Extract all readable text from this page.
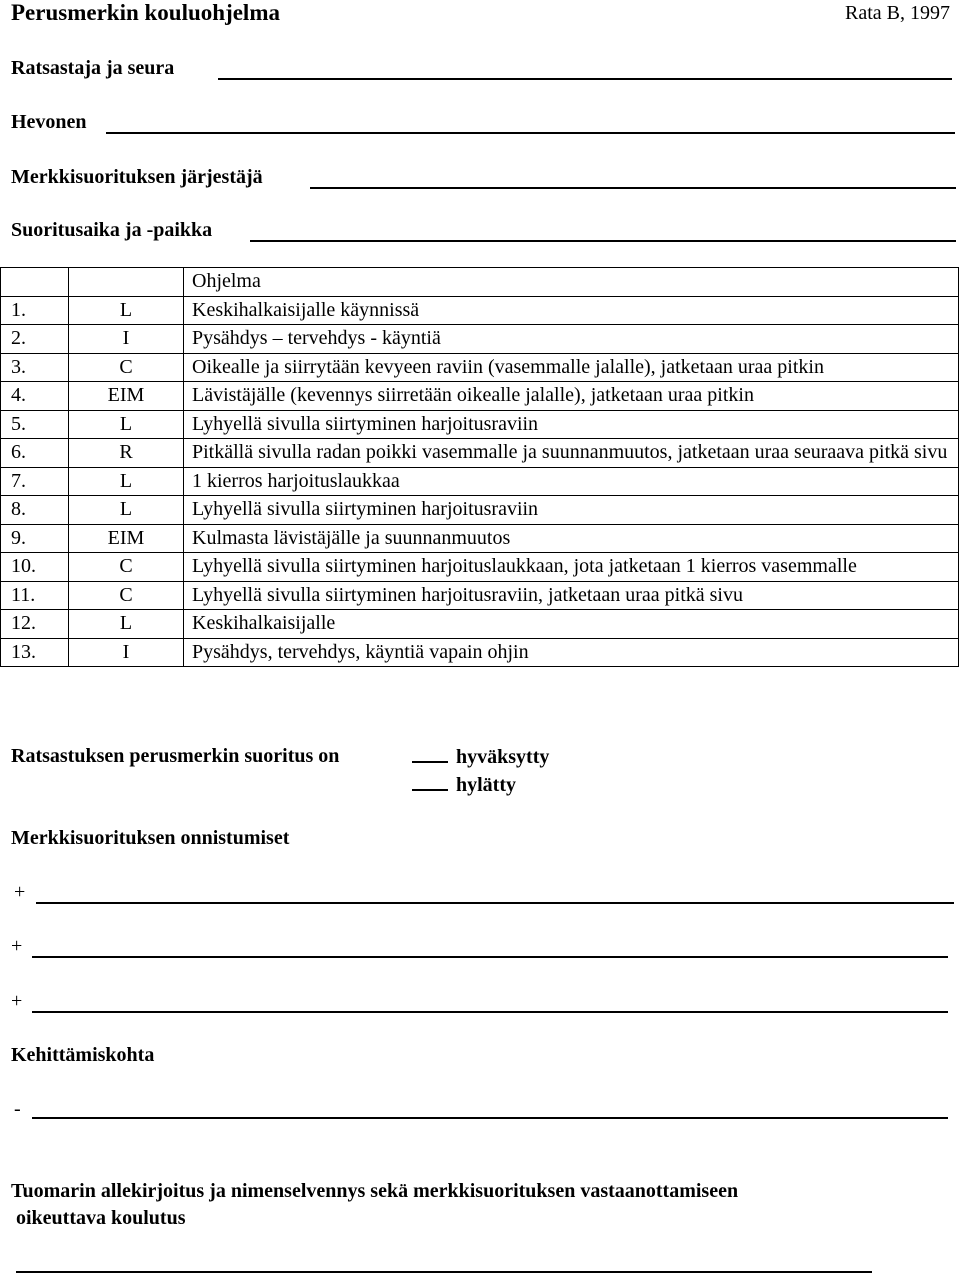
Perusmerkin kouluohjelma	Rata B, 1997
Ratsastaja ja seura
Hevonen
Merkkisuorituksen järjestäjä
Suoritusaika ja -paikka
		Ohjelma
1.	L	Keskihalkaisijalle käynnissä
2.	I	Pysähdys – tervehdys - käyntiä
3.	C	Oikealle ja siirrytään kevyeen raviin (vasemmalle jalalle), jatketaan uraa pitkin
4.	EIM	Lävistäjälle (kevennys siirretään oikealle jalalle), jatketaan uraa pitkin
5.	L	Lyhyellä sivulla siirtyminen harjoitusraviin
6.	R	Pitkällä sivulla radan poikki vasemmalle ja suunnanmuutos, jatketaan uraa seuraava pitkä sivu
7.	L	1 kierros harjoituslaukkaa
8.	L	Lyhyellä sivulla siirtyminen harjoitusraviin
9.	EIM	Kulmasta lävistäjälle ja suunnanmuutos
10.	C	Lyhyellä sivulla siirtyminen harjoituslaukkaan, jota jatketaan 1 kierros vasemmalle
11.	C	Lyhyellä sivulla siirtyminen harjoitusraviin, jatketaan uraa pitkä sivu
12.	L	Keskihalkaisijalle
13.	I	Pysähdys, tervehdys, käyntiä vapain ohjin
Ratsastuksen perusmerkin suoritus on	hyväksytty
hylätty
Merkkisuorituksen onnistumiset
+
+
+
Kehittämiskohta
-
Tuomarin allekirjoitus ja nimenselvennys sekä merkkisuorituksen vastaanottamiseen
oikeuttava koulutus
